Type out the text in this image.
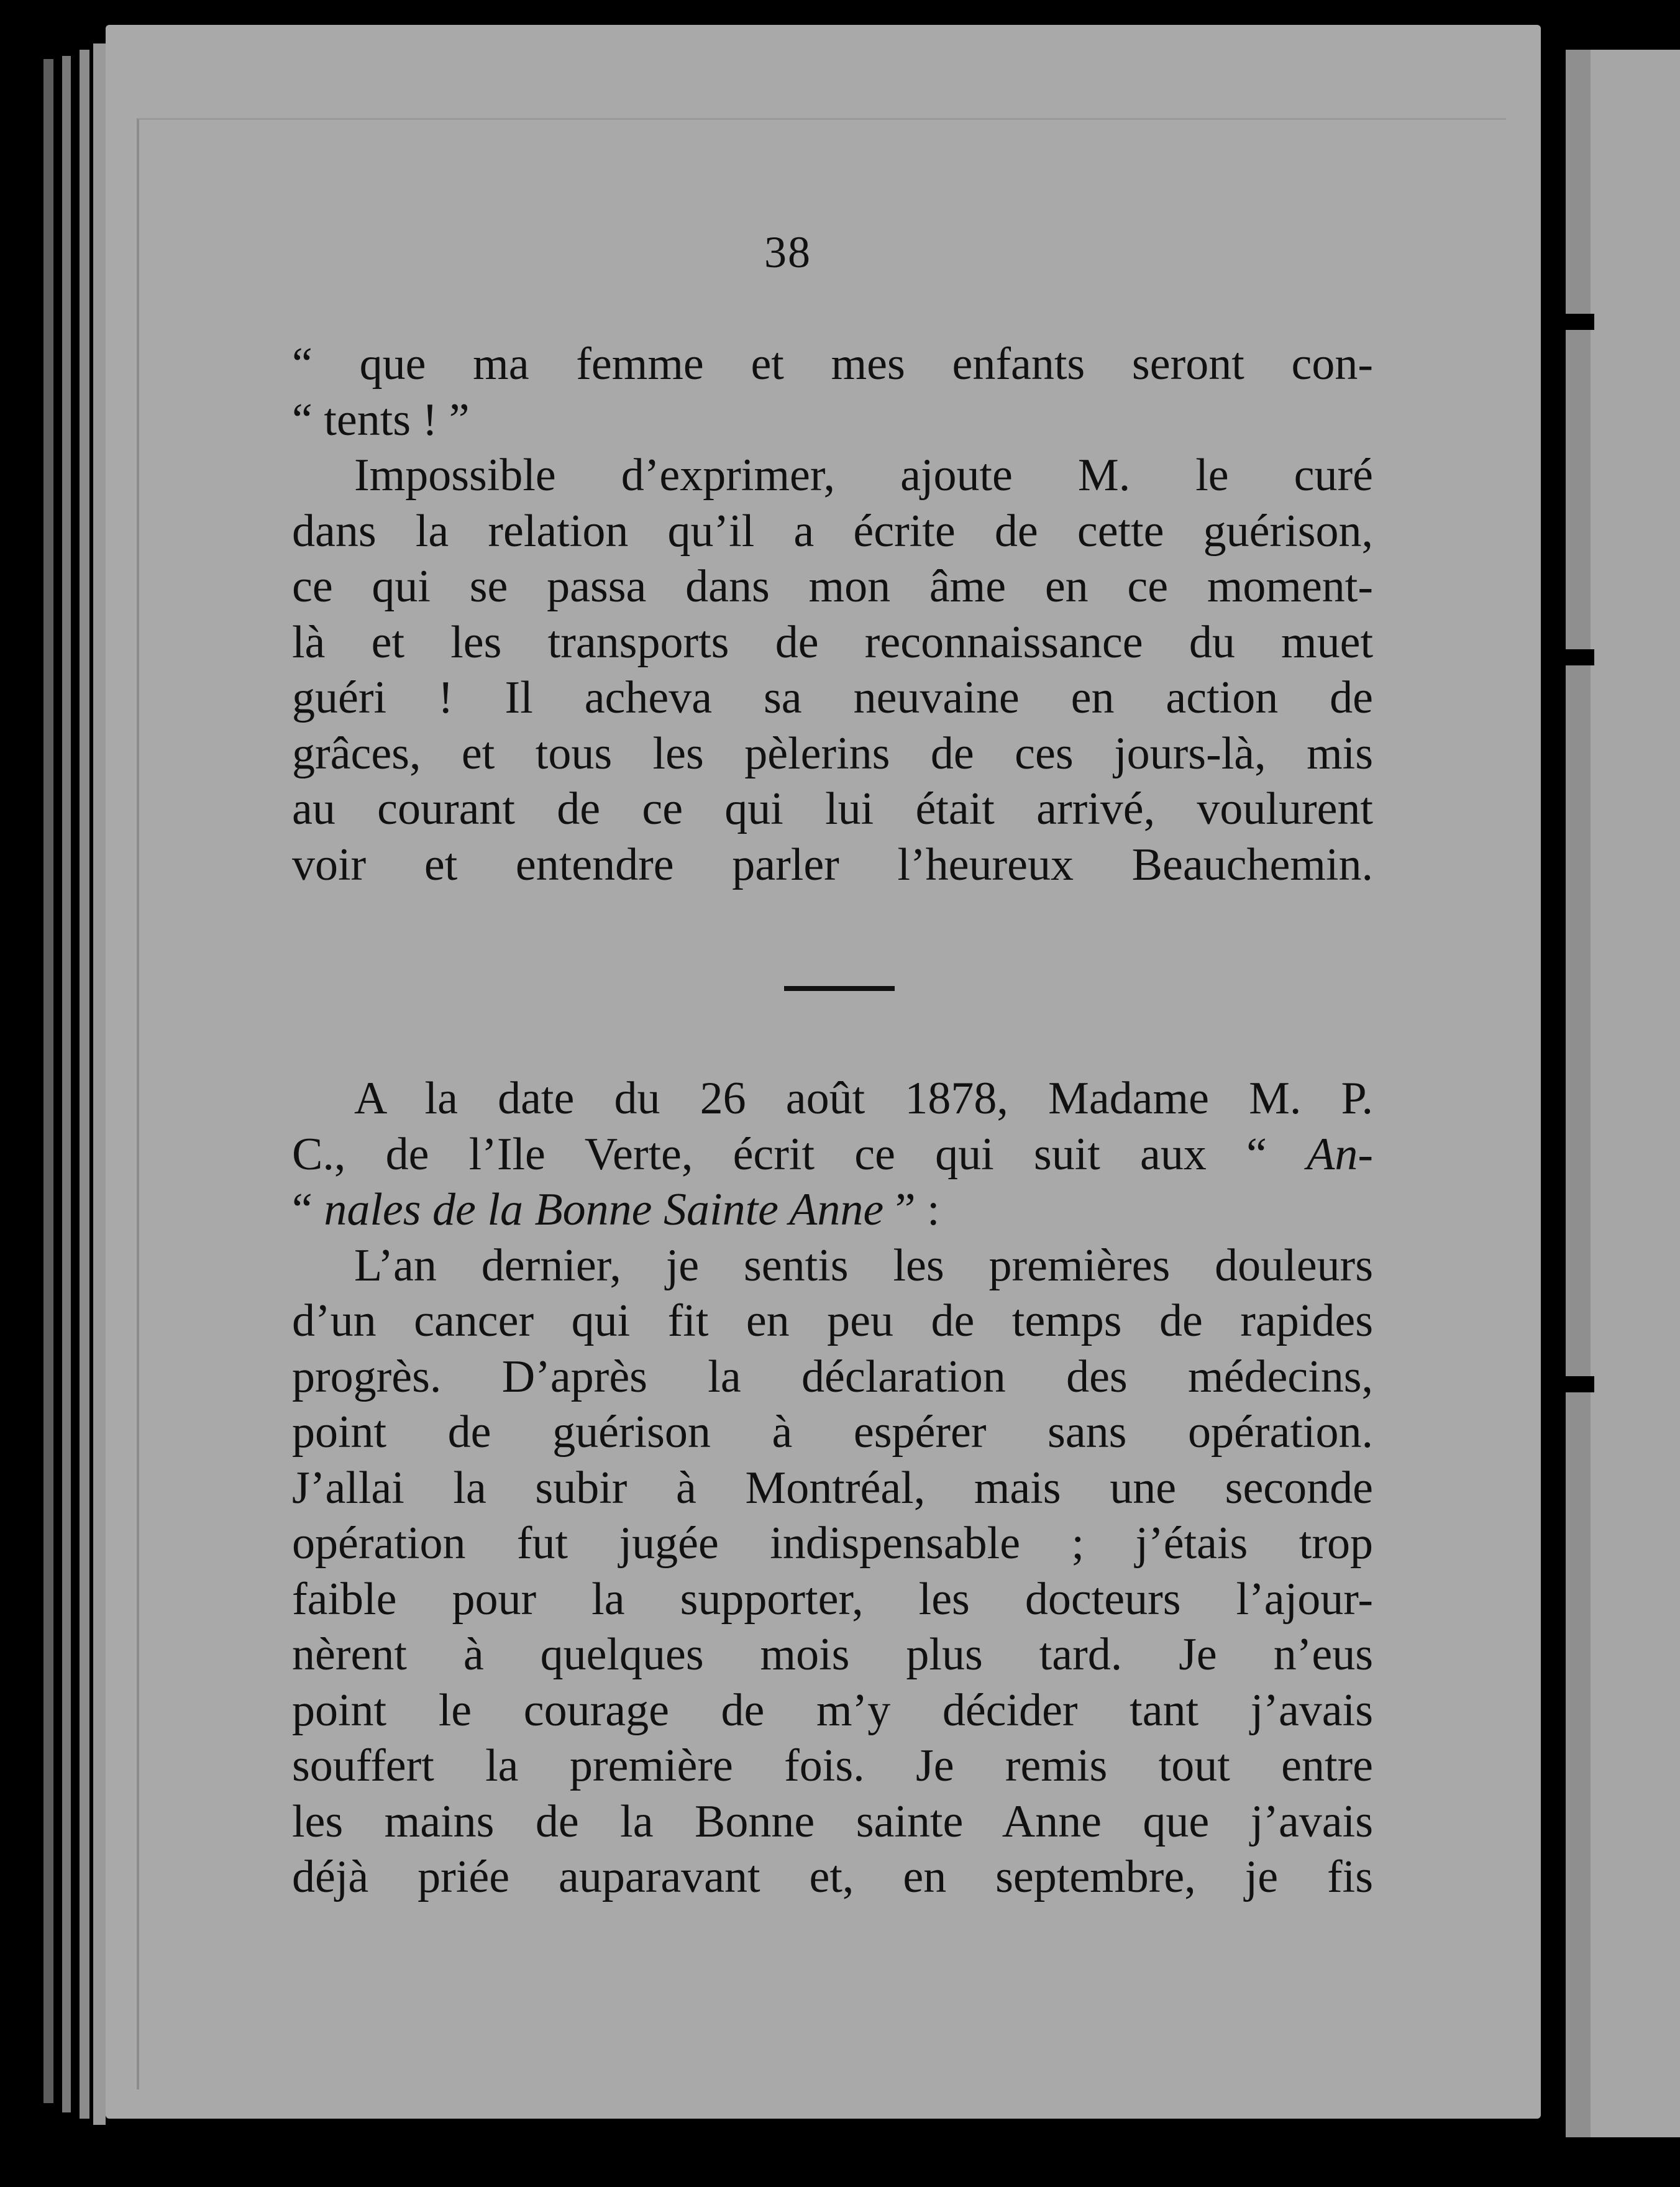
38
“ que ma femme et mes enfants seront con-
“ tents ! ”
Impossible d’exprimer, ajoute M. le curé
dans la relation qu’il a écrite de cette guérison,
ce qui se passa dans mon âme en ce moment-
là et les transports de reconnaissance du muet
guéri ! Il acheva sa neuvaine en action de
grâces, et tous les pèlerins de ces jours-là, mis
au courant de ce qui lui était arrivé, voulurent
voir et entendre parler l’heureux Beauchemin.
A la date du 26 août 1878, Madame M. P.
C., de l’Ile Verte, écrit ce qui suit aux “ An-
“ nales de la Bonne Sainte Anne ” :
L’an dernier, je sentis les premières douleurs
d’un cancer qui fit en peu de temps de rapides
progrès. D’après la déclaration des médecins,
point de guérison à espérer sans opération.
J’allai la subir à Montréal, mais une seconde
opération fut jugée indispensable ; j’étais trop
faible pour la supporter, les docteurs l’ajour-
nèrent à quelques mois plus tard. Je n’eus
point le courage de m’y décider tant j’avais
souffert la première fois. Je remis tout entre
les mains de la Bonne sainte Anne que j’avais
déjà priée auparavant et, en septembre, je fis
